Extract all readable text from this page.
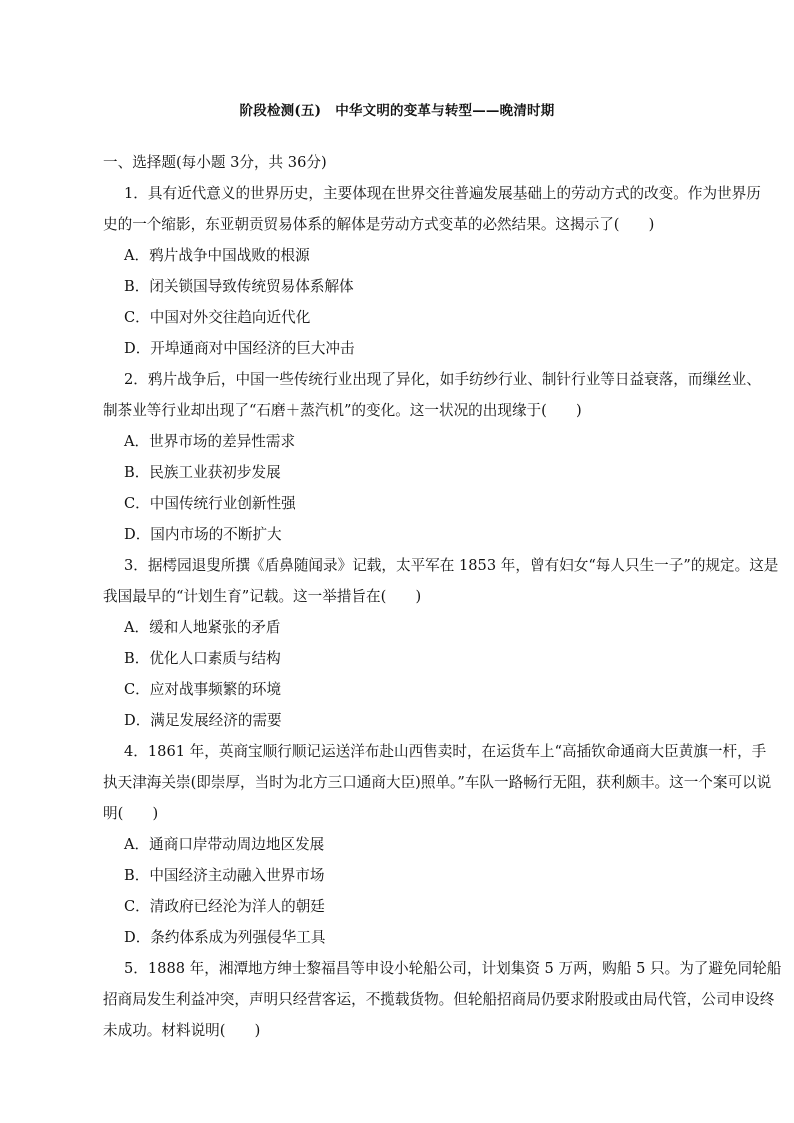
阶段检测(五) 中华文明的变革与转型——晚清时期
一、选择题(每小题 3分，共 36分)
1．具有近代意义的世界历史，主要体现在世界交往普遍发展基础上的劳动方式的改变。作为世界历
史的一个缩影，东亚朝贡贸易体系的解体是劳动方式变革的必然结果。这揭示了(　　)
A．鸦片战争中国战败的根源
B．闭关锁国导致传统贸易体系解体
C．中国对外交往趋向近代化
D．开埠通商对中国经济的巨大冲击
2．鸦片战争后，中国一些传统行业出现了异化，如手纺纱行业、制针行业等日益衰落，而缫丝业、
制茶业等行业却出现了“石磨＋蒸汽机”的变化。这一状况的出现缘于(　　)
A．世界市场的差异性需求
B．民族工业获初步发展
C．中国传统行业创新性强
D．国内市场的不断扩大
3．据樗园退叟所撰《盾鼻随闻录》记载，太平军在 1853 年，曾有妇女“每人只生一子”的规定。这是
我国最早的“计划生育”记载。这一举措旨在(　　)
A．缓和人地紧张的矛盾
B．优化人口素质与结构
C．应对战事频繁的环境
D．满足发展经济的需要
4．1861 年，英商宝顺行顺记运送洋布赴山西售卖时，在运货车上“高插钦命通商大臣黄旗一杆，手
执天津海关崇(即崇厚，当时为北方三口通商大臣)照单。”车队一路畅行无阻，获利颇丰。这一个案可以说
明(　　)
A．通商口岸带动周边地区发展
B．中国经济主动融入世界市场
C．清政府已经沦为洋人的朝廷
D．条约体系成为列强侵华工具
5．1888 年，湘潭地方绅士黎福昌等申设小轮船公司，计划集资 5 万两，购船 5 只。为了避免同轮船
招商局发生利益冲突，声明只经营客运，不揽载货物。但轮船招商局仍要求附股或由局代管，公司申设终
未成功。材料说明(　　)
